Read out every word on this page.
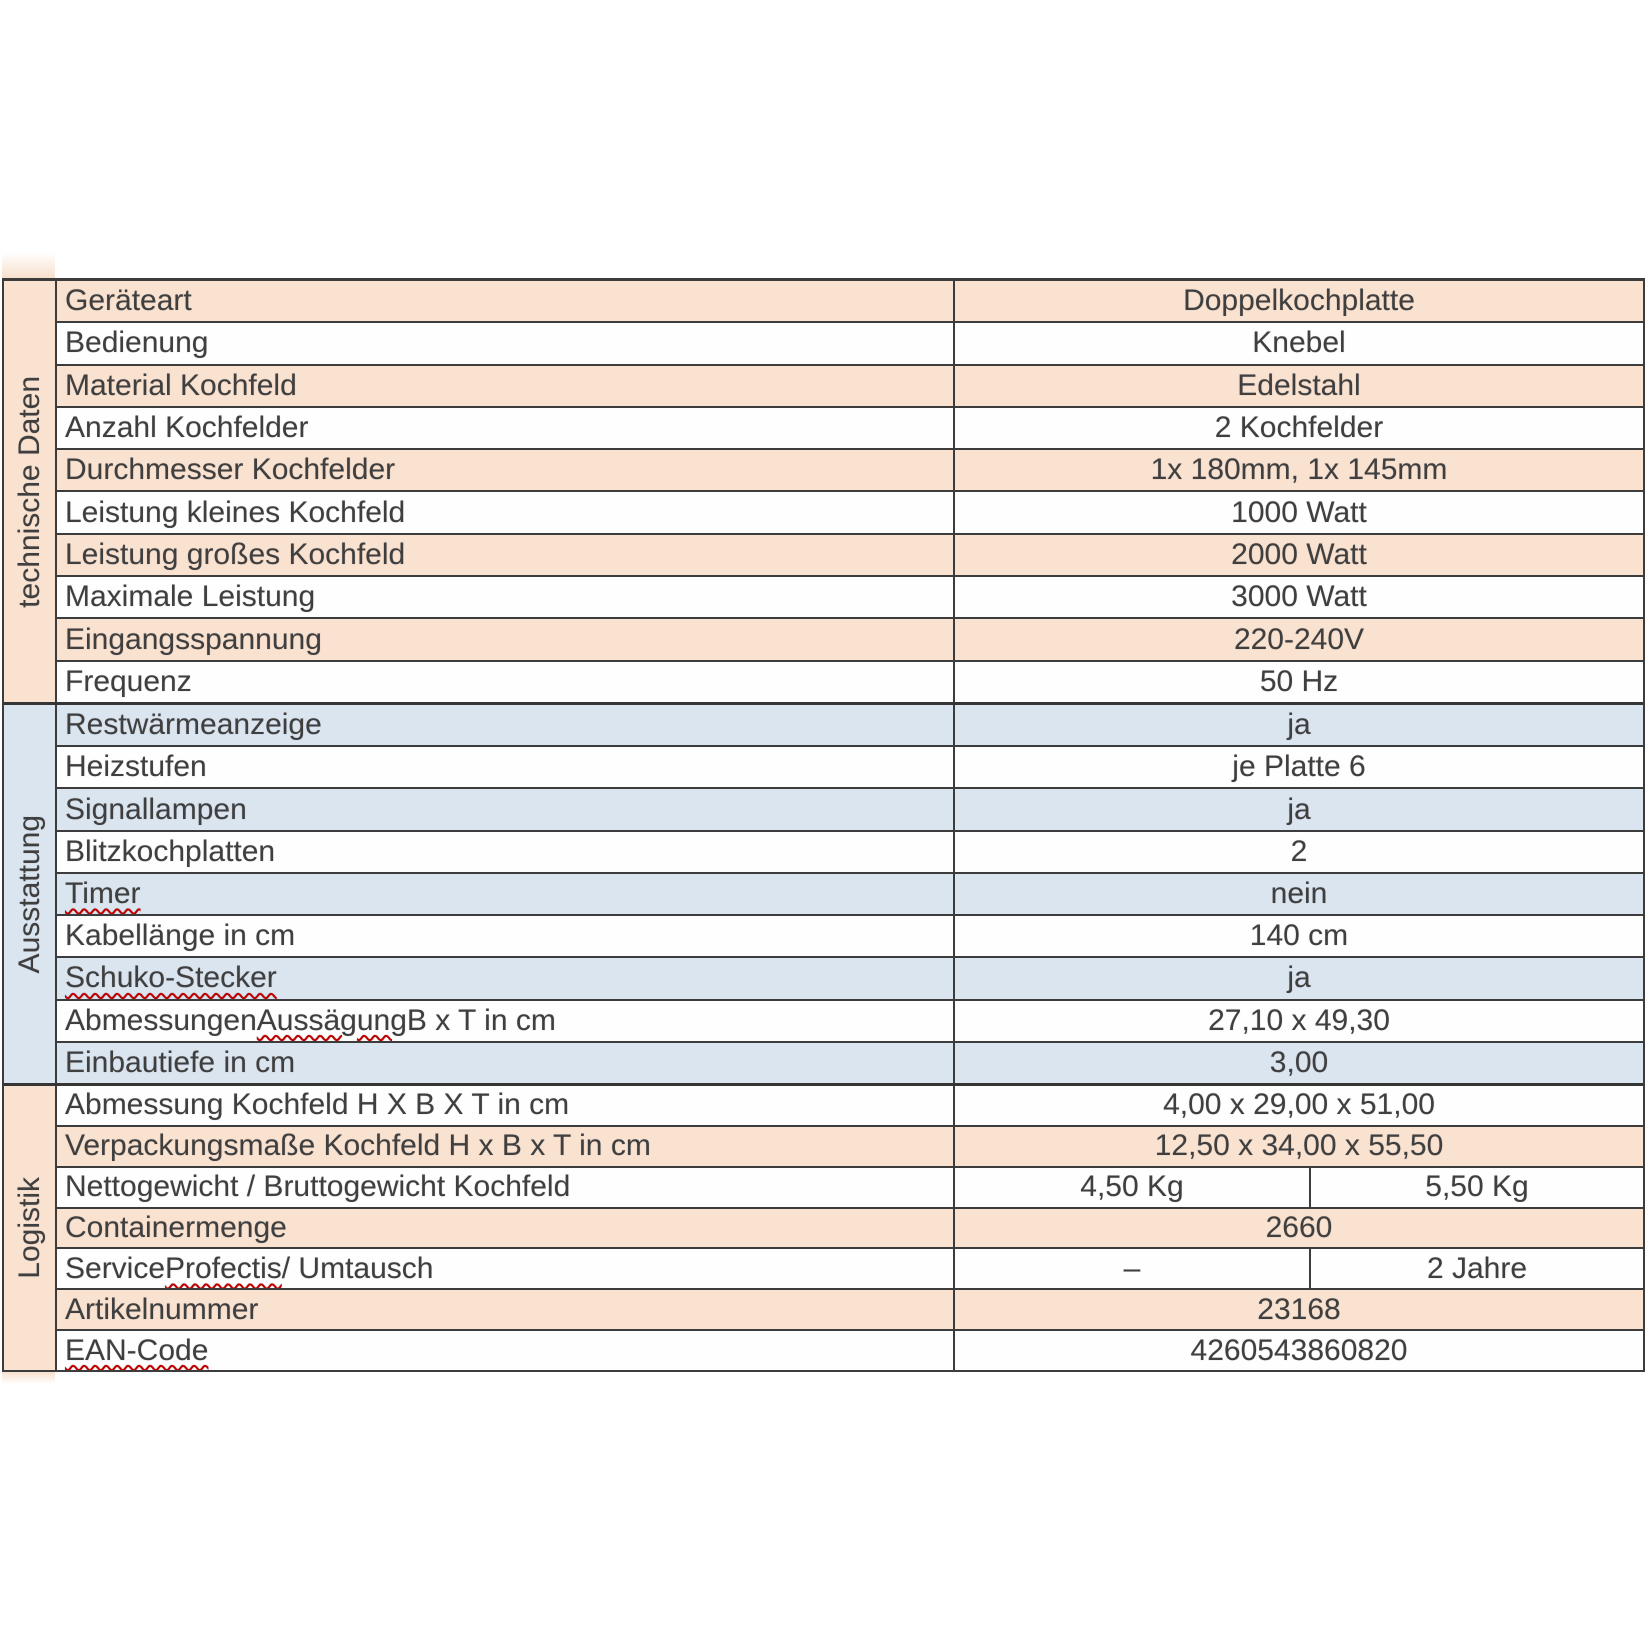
technische Daten
Geräteart	Doppelkochplatte
Bedienung	Knebel
Material Kochfeld	Edelstahl
Anzahl Kochfelder	2 Kochfelder
Durchmesser Kochfelder	1x 180mm, 1x 145mm
Leistung kleines Kochfeld	1000 Watt
Leistung großes Kochfeld	2000 Watt
Maximale Leistung	3000 Watt
Eingangsspannung	220-240V
Frequenz	50 Hz
Ausstattung
Restwärmeanzeige	ja
Heizstufen	je Platte 6
Signallampen	ja
Blitzkochplatten	2
Timer	nein
Kabellänge in cm	140 cm
Schuko-Stecker	ja
Abmessungen Aussägung B x T in cm	27,10 x 49,30
Einbautiefe in cm	3,00
Logistik
Abmessung Kochfeld H X B X T in cm	4,00 x 29,00 x 51,00
Verpackungsmaße Kochfeld H x B x T in cm	12,50 x 34,00 x 55,50
Nettogewicht / Bruttogewicht Kochfeld	4,50 Kg	5,50 Kg
Containermenge	2660
Service Profectis / Umtausch	–	2 Jahre
Artikelnummer	23168
EAN-Code	4260543860820
